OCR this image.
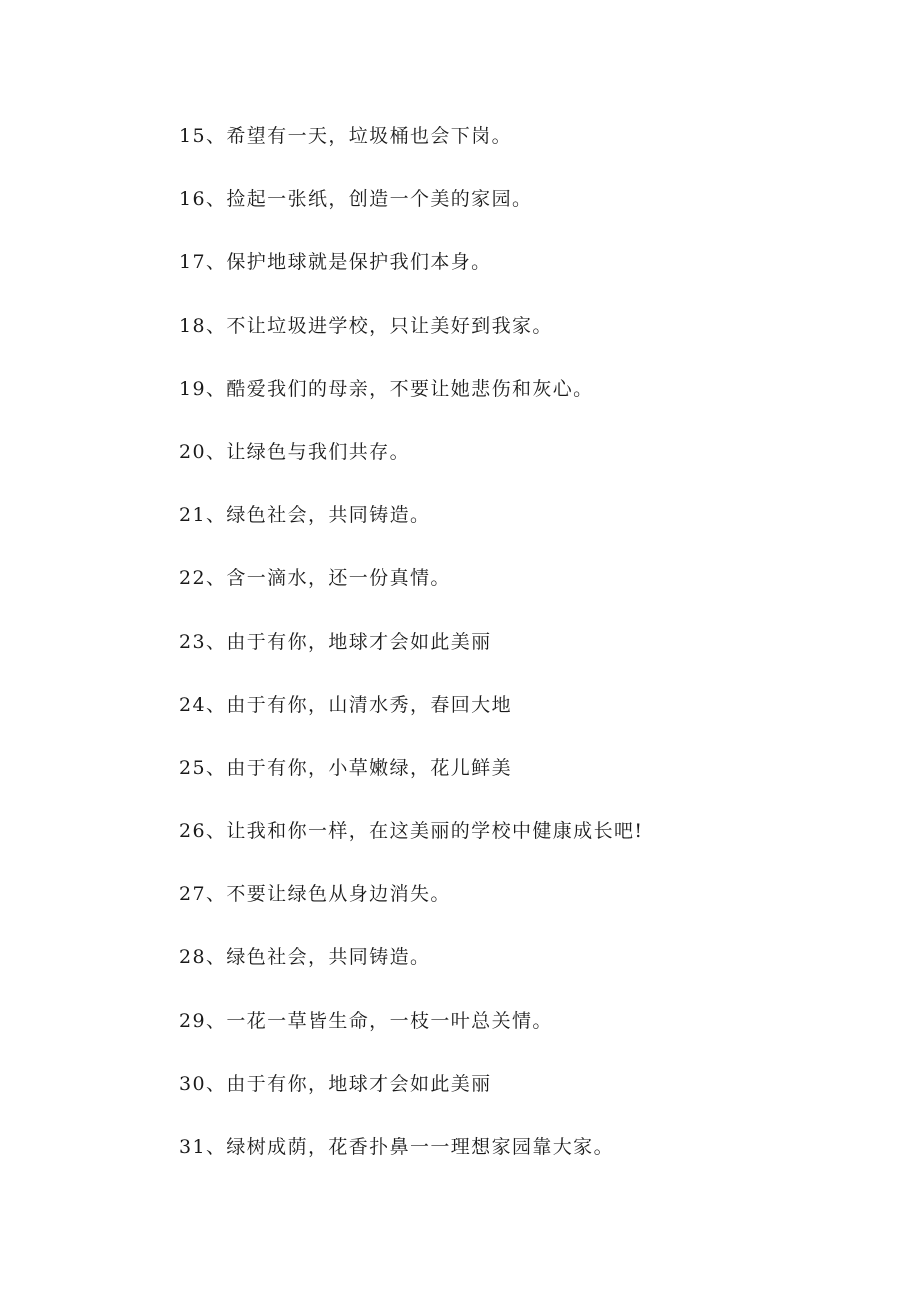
15、希望有一天，垃圾桶也会下岗。
16、捡起一张纸，创造一个美的家园。
17、保护地球就是保护我们本身。
18、不让垃圾进学校，只让美好到我家。
19、酷爱我们的母亲，不要让她悲伤和灰心。
20、让绿色与我们共存。
21、绿色社会，共同铸造。
22、含一滴水，还一份真情。
23、由于有你，地球才会如此美丽
24、由于有你，山清水秀，春回大地
25、由于有你，小草嫩绿，花儿鲜美
26、让我和你一样，在这美丽的学校中健康成长吧!
27、不要让绿色从身边消失。
28、绿色社会，共同铸造。
29、一花一草皆生命，一枝一叶总关情。
30、由于有你，地球才会如此美丽
31、绿树成荫，花香扑鼻一一理想家园靠大家。
